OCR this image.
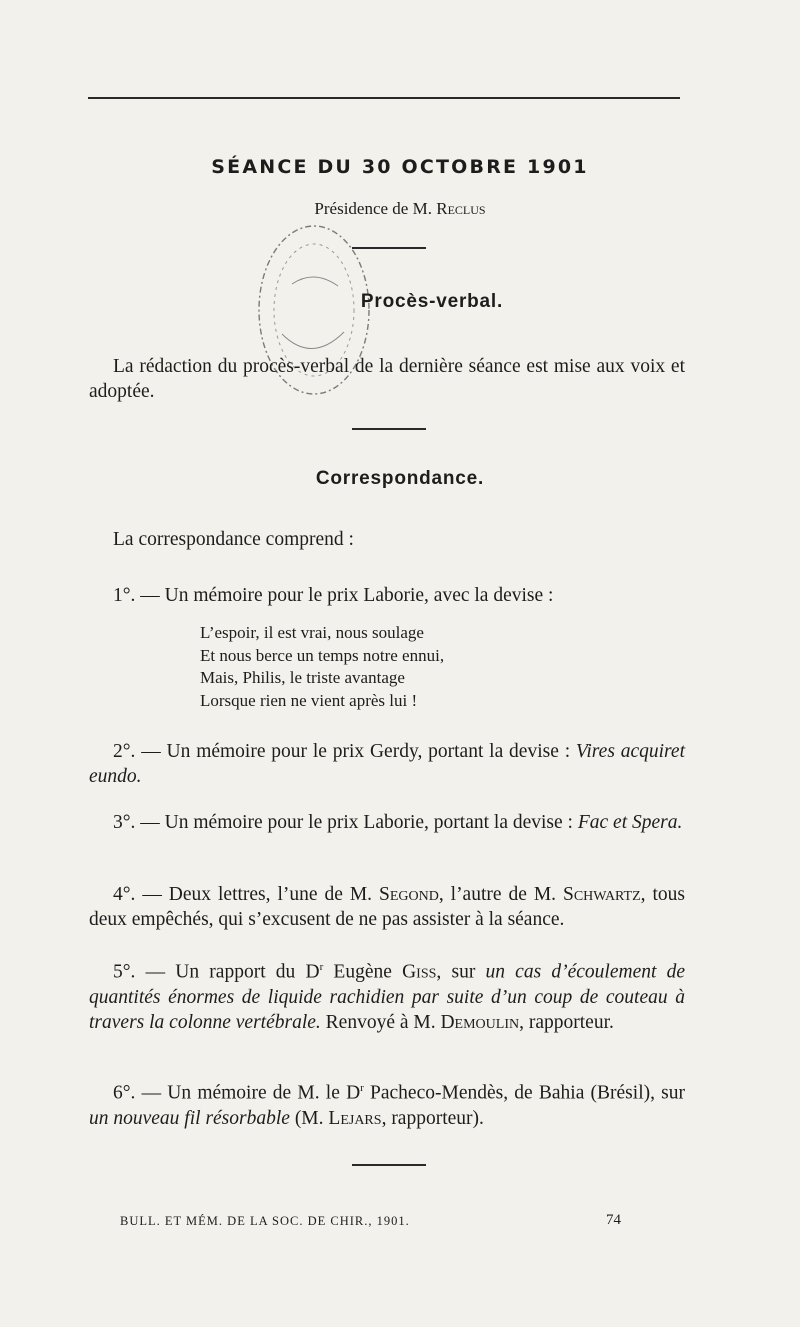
SÉANCE DU 30 OCTOBRE 1901
Présidence de M. Reclus
Procès-verbal.
La rédaction du procès-verbal de la dernière séance est mise aux voix et adoptée.
Correspondance.
La correspondance comprend :
1°. — Un mémoire pour le prix Laborie, avec la devise :
L’espoir, il est vrai, nous soulage
Et nous berce un temps notre ennui,
Mais, Philis, le triste avantage
Lorsque rien ne vient après lui !
2°. — Un mémoire pour le prix Gerdy, portant la devise : Vires acquiret eundo.
3°. — Un mémoire pour le prix Laborie, portant la devise : Fac et Spera.
4°. — Deux lettres, l’une de M. Segond, l’autre de M. Schwartz, tous deux empêchés, qui s’excusent de ne pas assister à la séance.
5°. — Un rapport du $D^r$ Eugène Giss, sur un cas d’écoulement de quantités énormes de liquide rachidien par suite d’un coup de couteau à travers la colonne vertébrale. Renvoyé à M. Demoulin, rapporteur.
6°. — Un mémoire de M. le $D^r$ Pacheco-Mendès, de Bahia (Brésil), sur un nouveau fil résorbable (M. Lejars, rapporteur).
BULL. ET MÉM. DE LA SOC. DE CHIR., 1901.	74
